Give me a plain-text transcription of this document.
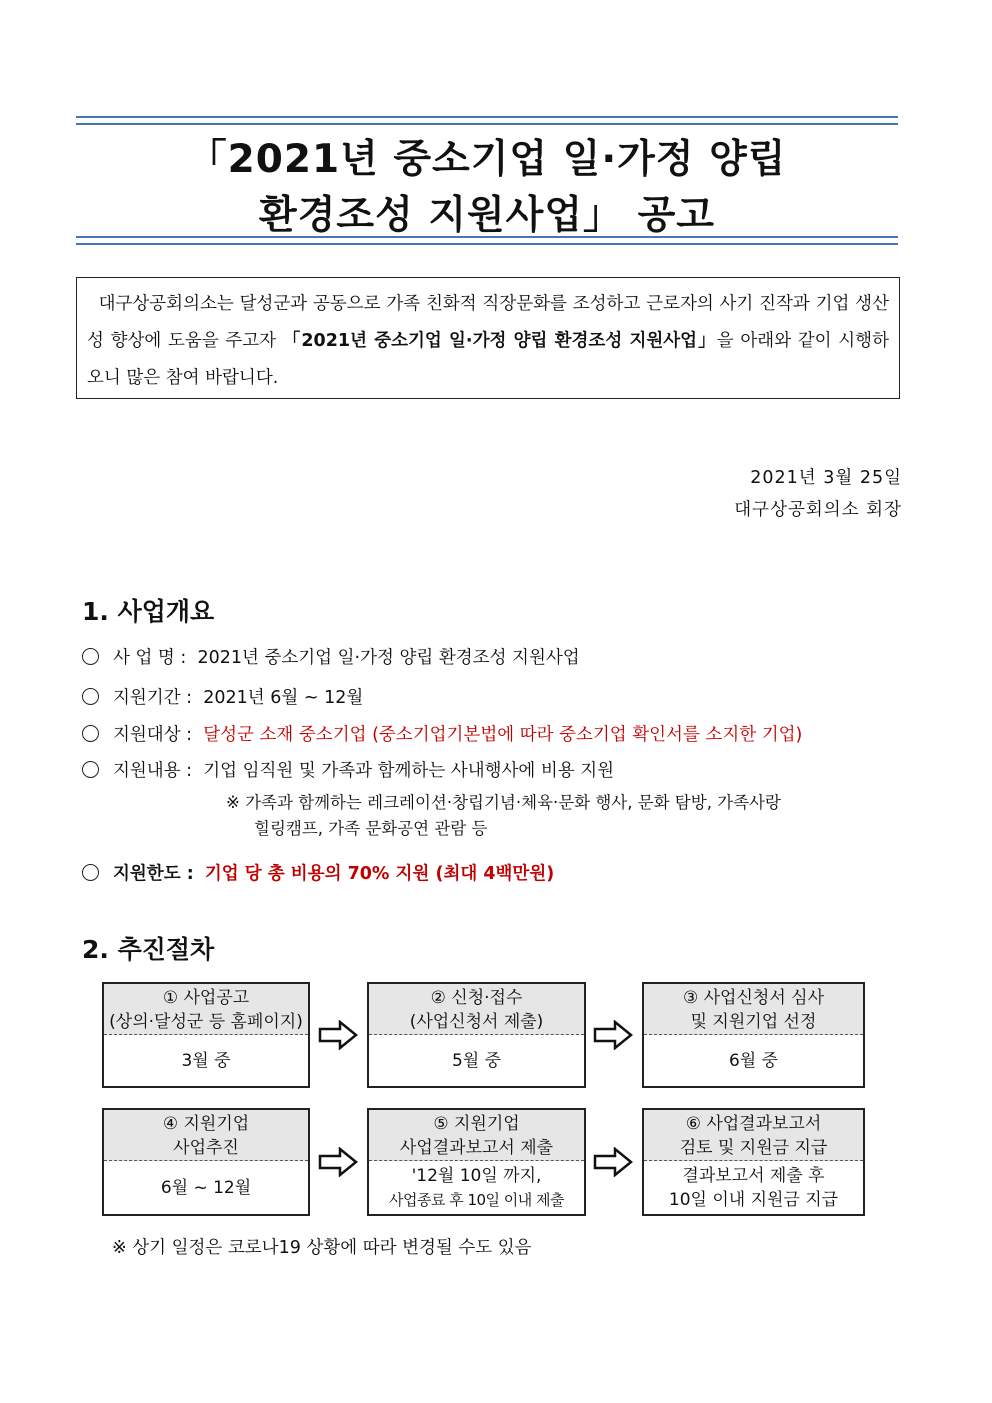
「2021년 중소기업 일·가정 양립
환경조성 지원사업」 공고
대구상공회의소는 달성군과 공동으로 가족 친화적 직장문화를 조성하고 근로자의 사기 진작과 기업 생산성 향상에 도움을 주고자 「2021년 중소기업 일·가정 양립 환경조성 지원사업」을 아래와 같이 시행하오니 많은 참여 바랍니다.
2021년 3월 25일
대구상공회의소 회장
1. 사업개요
사 업 명 : 2021년 중소기업 일·가정 양립 환경조성 지원사업
지원기간 : 2021년 6월 ~ 12월
지원대상 : 달성군 소재 중소기업 (중소기업기본법에 따라 중소기업 확인서를 소지한 기업)
지원내용 : 기업 임직원 및 가족과 함께하는 사내행사에 비용 지원
※ 가족과 함께하는 레크레이션·창립기념·체육·문화 행사, 문화 탐방, 가족사랑
힐링캠프, 가족 문화공연 관람 등
지원한도 : 기업 당 총 비용의 70% 지원 (최대 4백만원)
2. 추진절차
① 사업공고
(상의·달성군 등 홈페이지)
3월 중
② 신청·접수
(사업신청서 제출)
5월 중
③ 사업신청서 심사
및 지원기업 선정
6월 중
④ 지원기업
사업추진
6월 ~ 12월
⑤ 지원기업
사업결과보고서 제출
'12월 10일 까지,
사업종료 후 10일 이내 제출
⑥ 사업결과보고서
검토 및 지원금 지급
결과보고서 제출 후
10일 이내 지원금 지급
※ 상기 일정은 코로나19 상황에 따라 변경될 수도 있음
